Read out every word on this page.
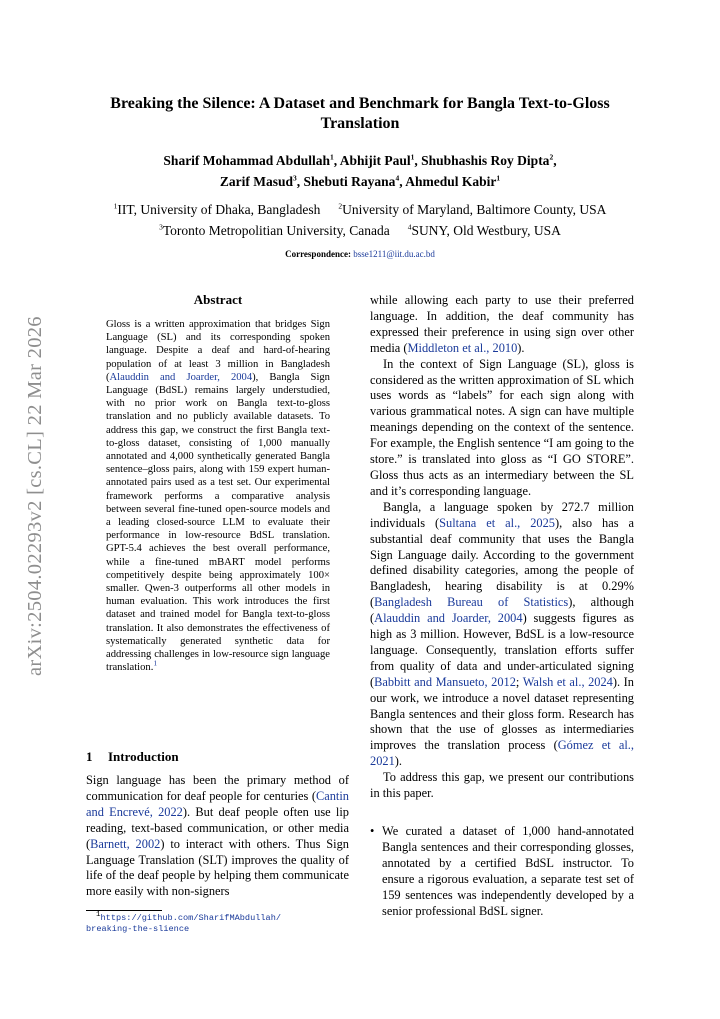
Breaking the Silence: A Dataset and Benchmark for Bangla Text-to-Gloss Translation
Sharif Mohammad Abdullah$^1$, Abhijit Paul$^1$, Shubhashis Roy Dipta$^2$,
Zarif Masud$^3$, Shebuti Rayana$^4$, Ahmedul Kabir$^1$
$^1$IIT, University of Dhaka, Bangladesh $^2$University of Maryland, Baltimore County, USA
$^3$Toronto Metropolitian University, Canada $^4$SUNY, Old Westbury, USA
Correspondence: bsse1211@iit.du.ac.bd
arXiv:2504.02293v2 [cs.CL] 22 Mar 2026
Abstract
Gloss is a written approximation that bridges Sign Language (SL) and its corresponding spoken language. Despite a deaf and hard-of-hearing population of at least 3 million in Bangladesh (Alauddin and Joarder, 2004), Bangla Sign Language (BdSL) remains largely understudied, with no prior work on Bangla text-to-gloss translation and no publicly available datasets. To address this gap, we construct the first Bangla text-to-gloss dataset, consisting of 1,000 manually annotated and 4,000 synthetically generated Bangla sentence–gloss pairs, along with 159 expert human-annotated pairs used as a test set. Our experimental framework performs a comparative analysis between several fine-tuned open-source models and a leading closed-source LLM to evaluate their performance in low-resource BdSL translation. GPT-5.4 achieves the best overall performance, while a fine-tuned mBART model performs competitively despite being approximately 100× smaller. Qwen-3 outperforms all other models in human evaluation. This work introduces the first dataset and trained model for Bangla text-to-gloss translation. It also demonstrates the effectiveness of systematically generated synthetic data for addressing challenges in low-resource sign language translation.$^1$
1 Introduction
Sign language has been the primary method of communication for deaf people for centuries (Cantin and Encrevé, 2022). But deaf people often use lip reading, text-based communication, or other media (Barnett, 2002) to interact with others. Thus Sign Language Translation (SLT) improves the quality of life of the deaf people by helping them communicate more easily with non-signers
$^1$https://github.com/SharifMAbdullah/
breaking-the-slience

while allowing each party to use their preferred language. In addition, the deaf community has expressed their preference in using sign over other media (Middleton et al., 2010).

In the context of Sign Language (SL), gloss is considered as the written approximation of SL which uses words as “labels” for each sign along with various grammatical notes. A sign can have multiple meanings depending on the context of the sentence. For example, the English sentence “I am going to the store.” is translated into gloss as “I GO STORE”. Gloss thus acts as an intermediary between the SL and it’s corresponding language.

Bangla, a language spoken by 272.7 million individuals (Sultana et al., 2025), also has a substantial deaf community that uses the Bangla Sign Language daily. According to the government defined disability categories, among the people of Bangladesh, hearing disability is at 0.29% (Bangladesh Bureau of Statistics), although (Alauddin and Joarder, 2004) suggests figures as high as 3 million. However, BdSL is a low-resource language. Consequently, translation efforts suffer from quality of data and under-articulated signing (Babbitt and Mansueto, 2012; Walsh et al., 2024). In our work, we introduce a novel dataset representing Bangla sentences and their gloss form. Research has shown that the use of glosses as intermediaries improves the translation process (Gómez et al., 2021).

To address this gap, we present our contributions in this paper.

• We curated a dataset of 1,000 hand-annotated Bangla sentences and their corresponding glosses, annotated by a certified BdSL instructor. To ensure a rigorous evaluation, a separate test set of 159 sentences was independently developed by a senior professional BdSL signer.
